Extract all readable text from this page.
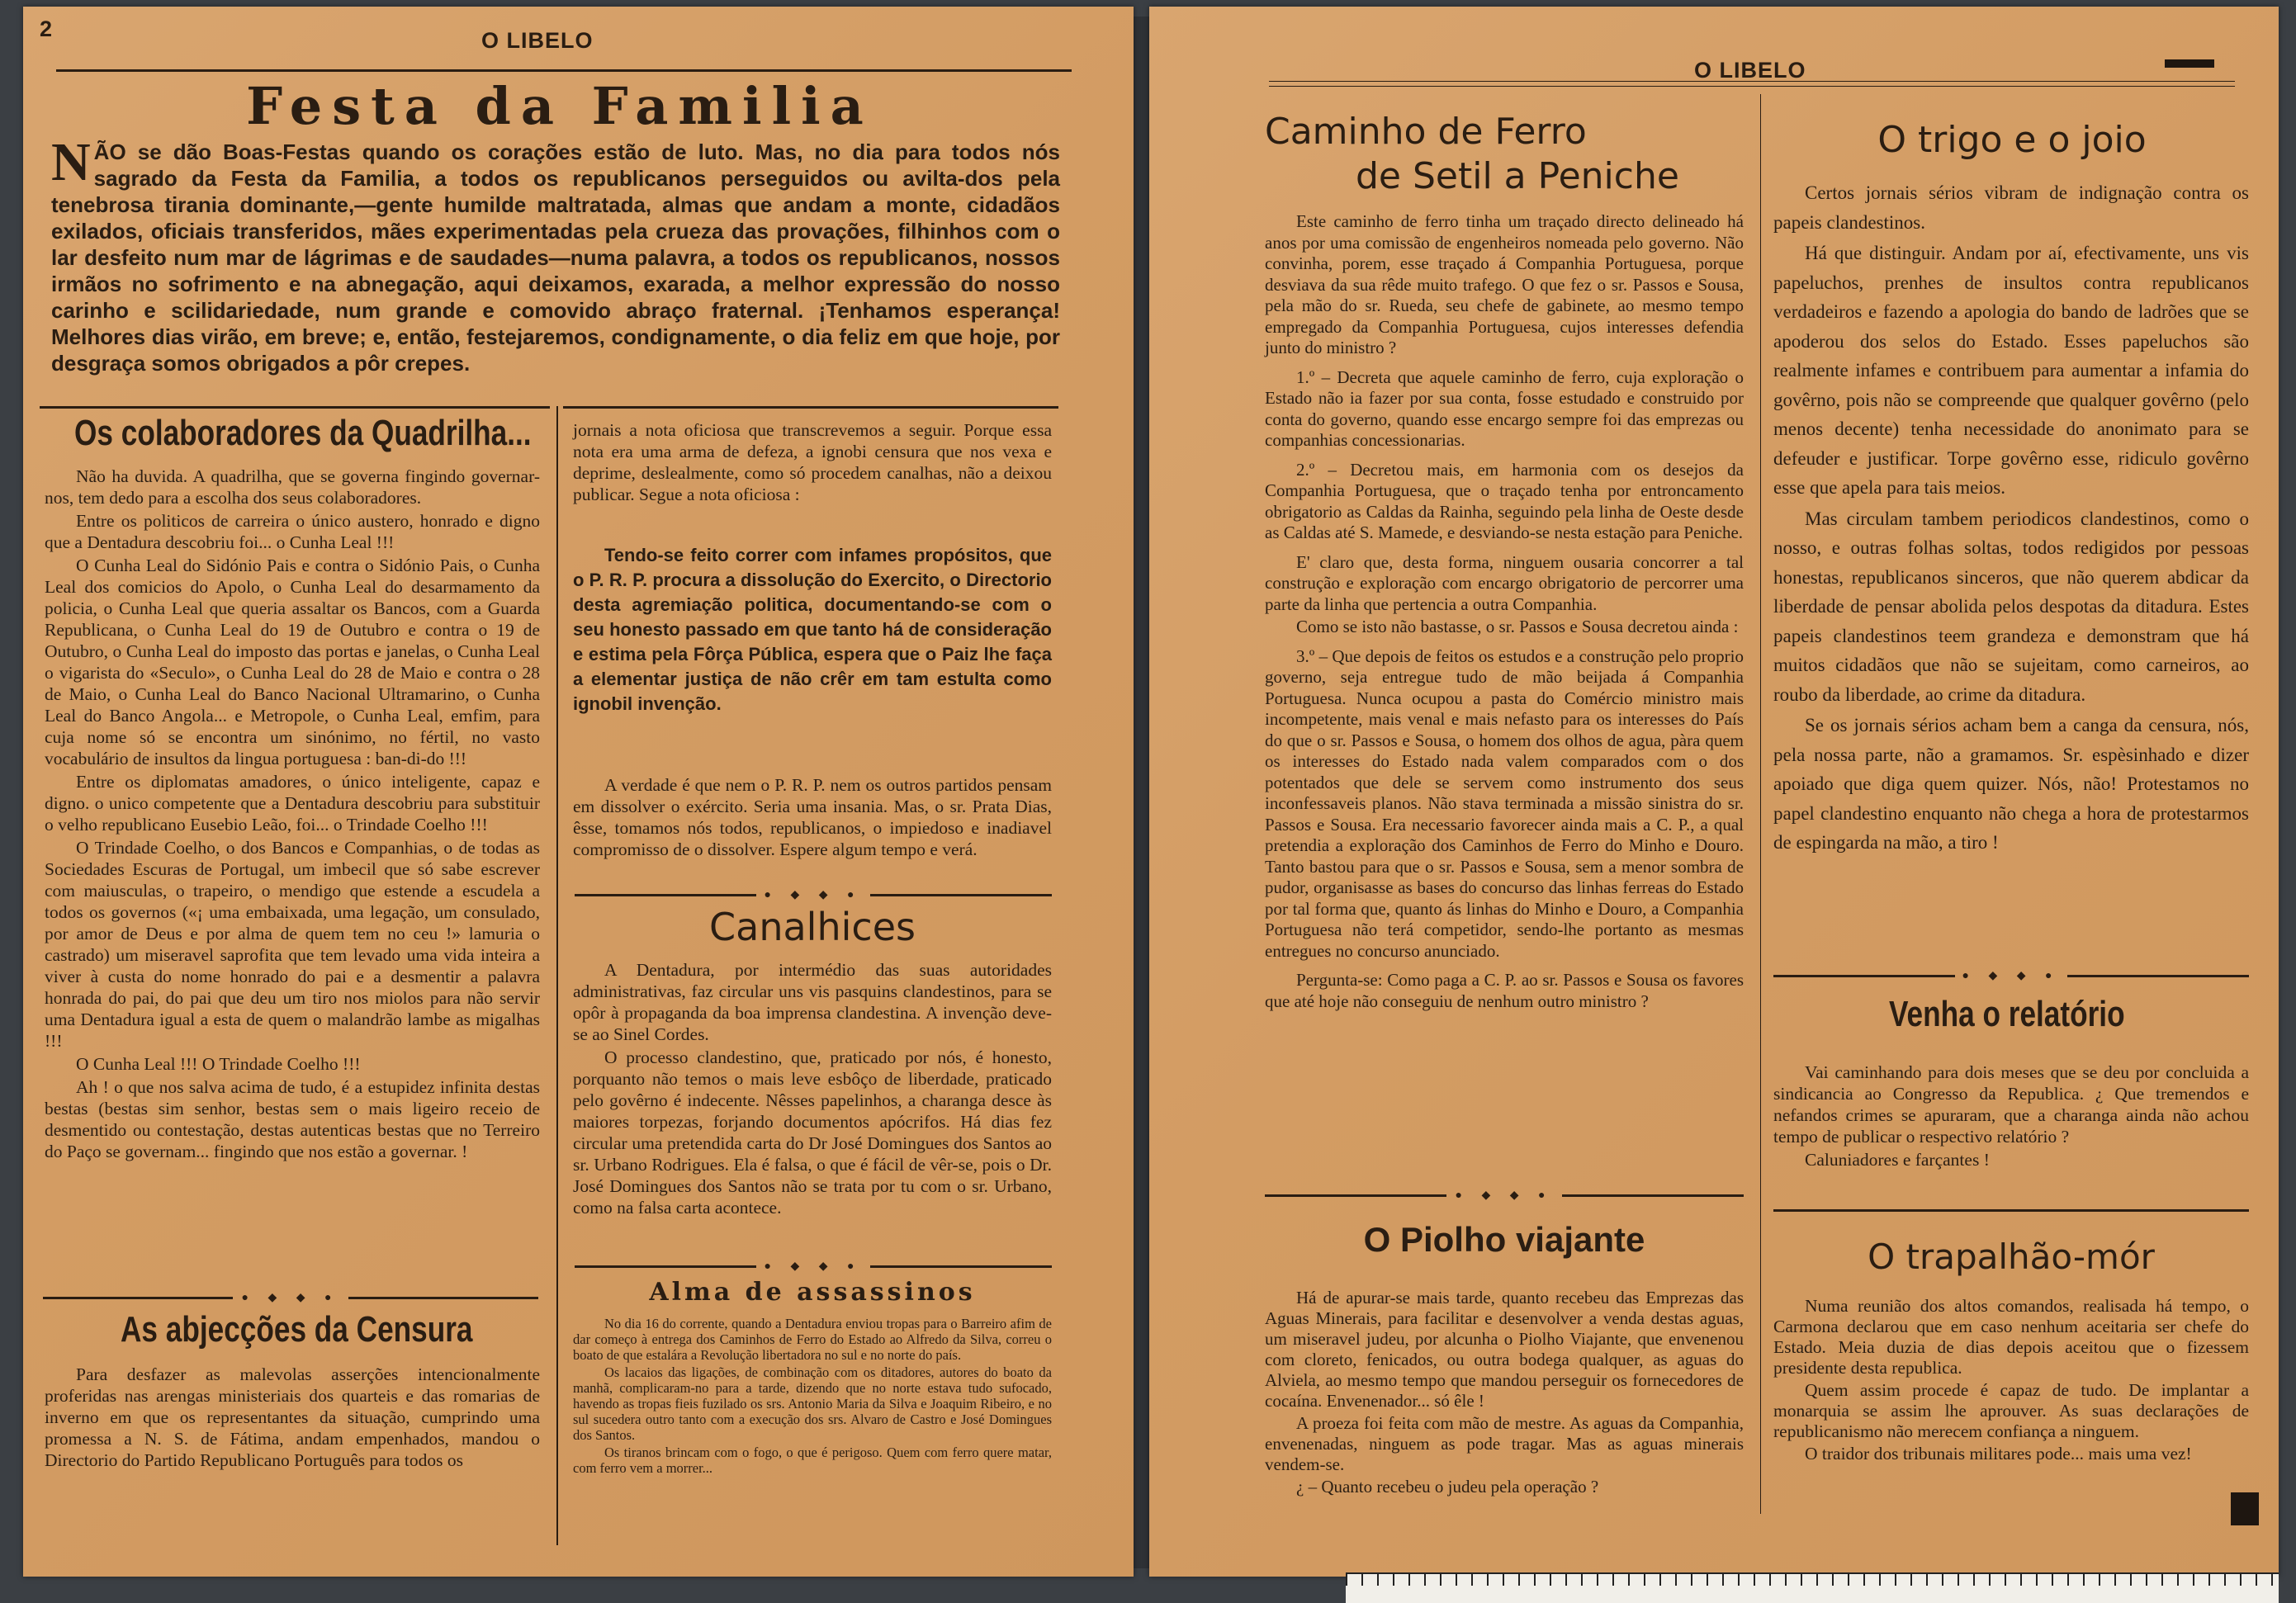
2	O LIBELO
Festa da Familia
NÃO se dão Boas-Festas quando os corações estão de luto. Mas, no dia para todos nós sagrado da Festa da Familia, a todos os republicanos perseguidos ou avilta-dos pela tenebrosa tirania dominante,—gente humilde maltratada, almas que andam a monte, cidadãos exilados, oficiais transferidos, mães experimentadas pela crueza das provações, filhinhos com o lar desfeito num mar de lágrimas e de saudades—numa palavra, a todos os republicanos, nossos irmãos no sofrimento e na abnegação, aqui deixamos, exarada, a melhor expressão do nosso carinho e scilidariedade, num grande e comovido abraço fraternal. ¡Tenhamos esperança! Melhores dias virão, em breve; e, então, festejaremos, condignamente, o dia feliz em que hoje, por desgraça somos obrigados a pôr crepes.
Os colaboradores da Quadrilha...

Não ha duvida. A quadrilha, que se governa fingindo governar-nos, tem dedo para a escolha dos seus colaboradores.

Entre os politicos de carreira o único austero, honrado e digno que a Dentadura descobriu foi... o Cunha Leal !!!

O Cunha Leal do Sidónio Pais e contra o Sidónio Pais, o Cunha Leal dos comicios do Apolo, o Cunha Leal do desarmamento da policia, o Cunha Leal que queria assaltar os Bancos, com a Guarda Republicana, o Cunha Leal do 19 de Outubro e contra o 19 de Outubro, o Cunha Leal do imposto das portas e janelas, o Cunha Leal o vigarista do «Seculo», o Cunha Leal do 28 de Maio e contra o 28 de Maio, o Cunha Leal do Banco Nacional Ultramarino, o Cunha Leal do Banco Angola... e Metropole, o Cunha Leal, emfim, para cuja nome só se encontra um sinónimo, no fértil, no vasto vocabulário de insultos da lingua portuguesa : ban-di-do !!!

Entre os diplomatas amadores, o único inteligente, capaz e digno. o unico competente que a Dentadura descobriu para substituir o velho republicano Eusebio Leão, foi... o Trindade Coelho !!!

O Trindade Coelho, o dos Bancos e Companhias, o de todas as Sociedades Escuras de Portugal, um imbecil que só sabe escrever com maiusculas, o trapeiro, o mendigo que estende a escudela a todos os governos («¡ uma embaixada, uma legação, um consulado, por amor de Deus e por alma de quem tem no ceu !» lamuria o castrado) um miseravel saprofita que tem levado uma vida inteira a viver à custa do nome honrado do pai e a desmentir a palavra honrada do pai, do pai que deu um tiro nos miolos para não servir uma Dentadura igual a esta de quem o malandrão lambe as migalhas !!!

O Cunha Leal !!! O Trindade Coelho !!!

Ah ! o que nos salva acima de tudo, é a estupidez infinita destas bestas (bestas sim senhor, bestas sem o mais ligeiro receio de desmentido ou contestação, destas autenticas bestas que no Terreiro do Paço se governam... fingindo que nos estão a governar. !

● ◆ ◆ ●
As abjecções da Censura

Para desfazer as malevolas asserções intencionalmente proferidas nas arengas ministeriais dos quarteis e das romarias de inverno em que os representantes da situação, cumprindo uma promessa a N. S. de Fátima, andam empenhados, mandou o Directorio do Partido Republicano Português para todos os

jornais a nota oficiosa que transcrevemos a seguir. Porque essa nota era uma arma de defeza, a ignobi censura que nos vexa e deprime, deslealmente, como só procedem canalhas, não a deixou publicar. Segue a nota oficiosa :

Tendo-se feito correr com infames propósitos, que o P. R. P. procura a dissolução do Exercito, o Directorio desta agremiação politica, documentando-se com o seu honesto passado em que tanto há de consideração e estima pela Fôrça Pública, espera que o Paiz lhe faça a elementar justiça de não crêr em tam estulta como ignobil invenção.

A verdade é que nem o P. R. P. nem os outros partidos pensam em dissolver o exército. Seria uma insania. Mas, o sr. Prata Dias, êsse, tomamos nós todos, republicanos, o impiedoso e inadiavel compromisso de o dissolver. Espere algum tempo e verá.

● ◆ ◆ ●
Canalhices

A Dentadura, por intermédio das suas autoridades administrativas, faz circular uns vis pasquins clandestinos, para se opôr à propaganda da boa imprensa clandestina. A invenção deve-se ao Sinel Cordes.

O processo clandestino, que, praticado por nós, é honesto, porquanto não temos o mais leve esbôço de liberdade, praticado pelo govêrno é indecente. Nêsses papelinhos, a charanga desce às maiores torpezas, forjando documentos apócrifos. Há dias fez circular uma pretendida carta do Dr José Domingues dos Santos ao sr. Urbano Rodrigues. Ela é falsa, o que é fácil de vêr-se, pois o Dr. José Domingues dos Santos não se trata por tu com o sr. Urbano, como na falsa carta acontece.

● ◆ ◆ ●
Alma de assassinos

No dia 16 do corrente, quando a Dentadura enviou tropas para o Barreiro afim de dar começo à entrega dos Caminhos de Ferro do Estado ao Alfredo da Silva, correu o boato de que estalára a Revolução libertadora no sul e no norte do país.

Os lacaios das ligações, de combinação com os ditadores, autores do boato da manhã, complicaram-no para a tarde, dizendo que no norte estava tudo sufocado, havendo as tropas fieis fuzilado os srs. Antonio Maria da Silva e Joaquim Ribeiro, e no sul sucedera outro tanto com a execução dos srs. Alvaro de Castro e José Domingues dos Santos.

Os tiranos brincam com o fogo, o que é perigoso. Quem com ferro quere matar, com ferro vem a morrer...

O LIBELO
Caminho de Ferro
de Setil a Peniche

Este caminho de ferro tinha um traçado directo delineado há anos por uma comissão de engenheiros nomeada pelo governo. Não convinha, porem, esse traçado á Companhia Portuguesa, porque desviava da sua rêde muito trafego. O que fez o sr. Passos e Sousa, pela mão do sr. Rueda, seu chefe de gabinete, ao mesmo tempo empregado da Companhia Portuguesa, cujos interesses defendia junto do ministro ?

1.º – Decreta que aquele caminho de ferro, cuja exploração o Estado não ia fazer por sua conta, fosse estudado e construido por conta do governo, quando esse encargo sempre foi das emprezas ou companhias concessionarias.

2.º – Decretou mais, em harmonia com os desejos da Companhia Portuguesa, que o traçado tenha por entroncamento obrigatorio as Caldas da Rainha, seguindo pela linha de Oeste desde as Caldas até S. Mamede, e desviando-se nesta estação para Peniche.

E' claro que, desta forma, ninguem ousaria concorrer a tal construção e exploração com encargo obrigatorio de percorrer uma parte da linha que pertencia a outra Companhia.

Como se isto não bastasse, o sr. Passos e Sousa decretou ainda :

3.º – Que depois de feitos os estudos e a construção pelo proprio governo, seja entregue tudo de mão beijada á Companhia Portuguesa. Nunca ocupou a pasta do Comércio ministro mais incompetente, mais venal e mais nefasto para os interesses do País do que o sr. Passos e Sousa, o homem dos olhos de agua, pàra quem os interesses do Estado nada valem comparados com o dos potentados que dele se servem como instrumento dos seus inconfessaveis planos. Não stava terminada a missão sinistra do sr. Passos e Sousa. Era necessario favorecer ainda mais a C. P., a qual pretendia a exploração dos Caminhos de Ferro do Minho e Douro. Tanto bastou para que o sr. Passos e Sousa, sem a menor sombra de pudor, organisasse as bases do concurso das linhas ferreas do Estado por tal forma que, quanto ás linhas do Minho e Douro, a Companhia Portuguesa não terá competidor, sendo-lhe portanto as mesmas entregues no concurso anunciado.

Pergunta-se: Como paga a C. P. ao sr. Passos e Sousa os favores que até hoje não conseguiu de nenhum outro ministro ?

● ◆ ◆ ●
O Piolho viajante

Há de apurar-se mais tarde, quanto recebeu das Emprezas das Aguas Minerais, para facilitar e desenvolver a venda destas aguas, um miseravel judeu, por alcunha o Piolho Viajante, que envenenou com cloreto, fenicados, ou outra bodega qualquer, as aguas do Alviela, ao mesmo tempo que mandou perseguir os fornecedores de cocaína. Envenenador... só êle !

A proeza foi feita com mão de mestre. As aguas da Companhia, envenenadas, ninguem as pode tragar. Mas as aguas minerais vendem-se.

¿ – Quanto recebeu o judeu pela operação ?

O trigo e o joio

Certos jornais sérios vibram de indignação contra os papeis clandestinos.

Há que distinguir. Andam por aí, efectivamente, uns vis papeluchos, prenhes de insultos contra republicanos verdadeiros e fazendo a apologia do bando de ladrões que se apoderou dos selos do Estado. Esses papeluchos são realmente infames e contribuem para aumentar a infamia do govêrno, pois não se compreende que qualquer govêrno (pelo menos decente) tenha necessidade do anonimato para se defeuder e justificar. Torpe govêrno esse, ridiculo govêrno esse que apela para tais meios.

Mas circulam tambem periodicos clandestinos, como o nosso, e outras folhas soltas, todos redigidos por pessoas honestas, republicanos sinceros, que não querem abdicar da liberdade de pensar abolida pelos despotas da ditadura. Estes papeis clandestinos teem grandeza e demonstram que há muitos cidadãos que não se sujeitam, como carneiros, ao roubo da liberdade, ao crime da ditadura.

Se os jornais sérios acham bem a canga da censura, nós, pela nossa parte, não a gramamos. Sr. espèsinhado e dizer apoiado que diga quem quizer. Nós, não! Protestamos no papel clandestino enquanto não chega a hora de protestarmos de espingarda na mão, a tiro !

● ◆ ◆ ●
Venha o relatório

Vai caminhando para dois meses que se deu por concluida a sindicancia ao Congresso da Republica. ¿ Que tremendos e nefandos crimes se apuraram, que a charanga ainda não achou tempo de publicar o respectivo relatório ?

Caluniadores e farçantes !

O trapalhão-mór

Numa reunião dos altos comandos, realisada há tempo, o Carmona declarou que em caso nenhum aceitaria ser chefe do Estado. Meia duzia de dias depois aceitou que o fizessem presidente desta republica.

Quem assim procede é capaz de tudo. De implantar a monarquia se assim lhe aprouver. As suas declarações de republicanismo não merecem confiança a ninguem.

O traidor dos tribunais militares pode... mais uma vez!
